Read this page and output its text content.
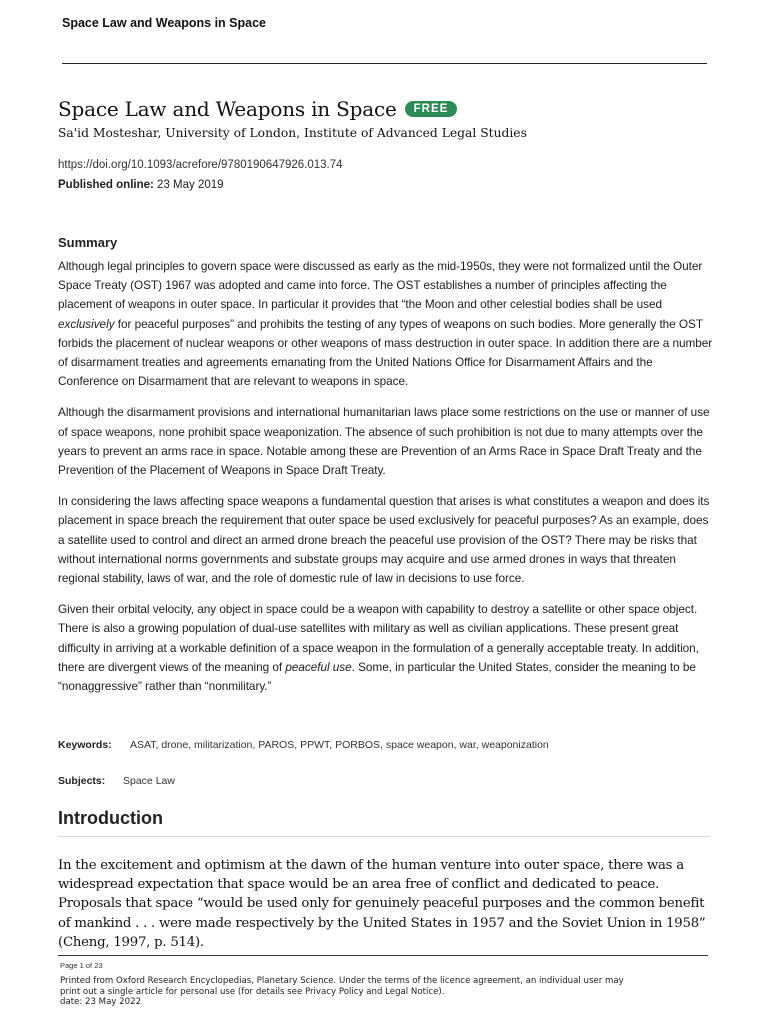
Space Law and Weapons in Space
Space Law and Weapons in Space	FREE
Sa'id Mosteshar, University of London, Institute of Advanced Legal Studies
https://doi.org/10.1093/acrefore/9780190647926.013.74
Published online: 23 May 2019
Summary

Although legal principles to govern space were discussed as early as the mid-1950s, they were not formalized until the Outer Space Treaty (OST) 1967 was adopted and came into force. The OST establishes a number of principles affecting the placement of weapons in outer space. In particular it provides that “the Moon and other celestial bodies shall be used exclusively for peaceful purposes” and prohibits the testing of any types of weapons on such bodies. More generally the OST forbids the placement of nuclear weapons or other weapons of mass destruction in outer space. In addition there are a number of disarmament treaties and agreements emanating from the United Nations Office for Disarmament Affairs and the Conference on Disarmament that are relevant to weapons in space.

Although the disarmament provisions and international humanitarian laws place some restrictions on the use or manner of use of space weapons, none prohibit space weaponization. The absence of such prohibition is not due to many attempts over the years to prevent an arms race in space. Notable among these are Prevention of an Arms Race in Space Draft Treaty and the Prevention of the Placement of Weapons in Space Draft Treaty.

In considering the laws affecting space weapons a fundamental question that arises is what constitutes a weapon and does its placement in space breach the requirement that outer space be used exclusively for peaceful purposes? As an example, does a satellite used to control and direct an armed drone breach the peaceful use provision of the OST? There may be risks that without international norms governments and substate groups may acquire and use armed drones in ways that threaten regional stability, laws of war, and the role of domestic rule of law in decisions to use force.

Given their orbital velocity, any object in space could be a weapon with capability to destroy a satellite or other space object. There is also a growing population of dual-use satellites with military as well as civilian applications. These present great difficulty in arriving at a workable definition of a space weapon in the formulation of a generally acceptable treaty. In addition, there are divergent views of the meaning of peaceful use. Some, in particular the United States, consider the meaning to be “nonaggressive” rather than “nonmilitary.”

Keywords:	ASAT, drone, militarization, PAROS, PPWT, PORBOS, space weapon, war, weaponization
Subjects:	Space Law
Introduction

In the excitement and optimism at the dawn of the human venture into outer space, there was a widespread expectation that space would be an area free of conflict and dedicated to peace. Proposals that space “would be used only for genuinely peaceful purposes and the common benefit of mankind . . . were made respectively by the United States in 1957 and the Soviet Union in 1958” (Cheng, 1997, p. 514).

Page 1 of 23
Printed from Oxford Research Encyclopedias, Planetary Science. Under the terms of the licence agreement, an individual user may
print out a single article for personal use (for details see Privacy Policy and Legal Notice).
date: 23 May 2022
